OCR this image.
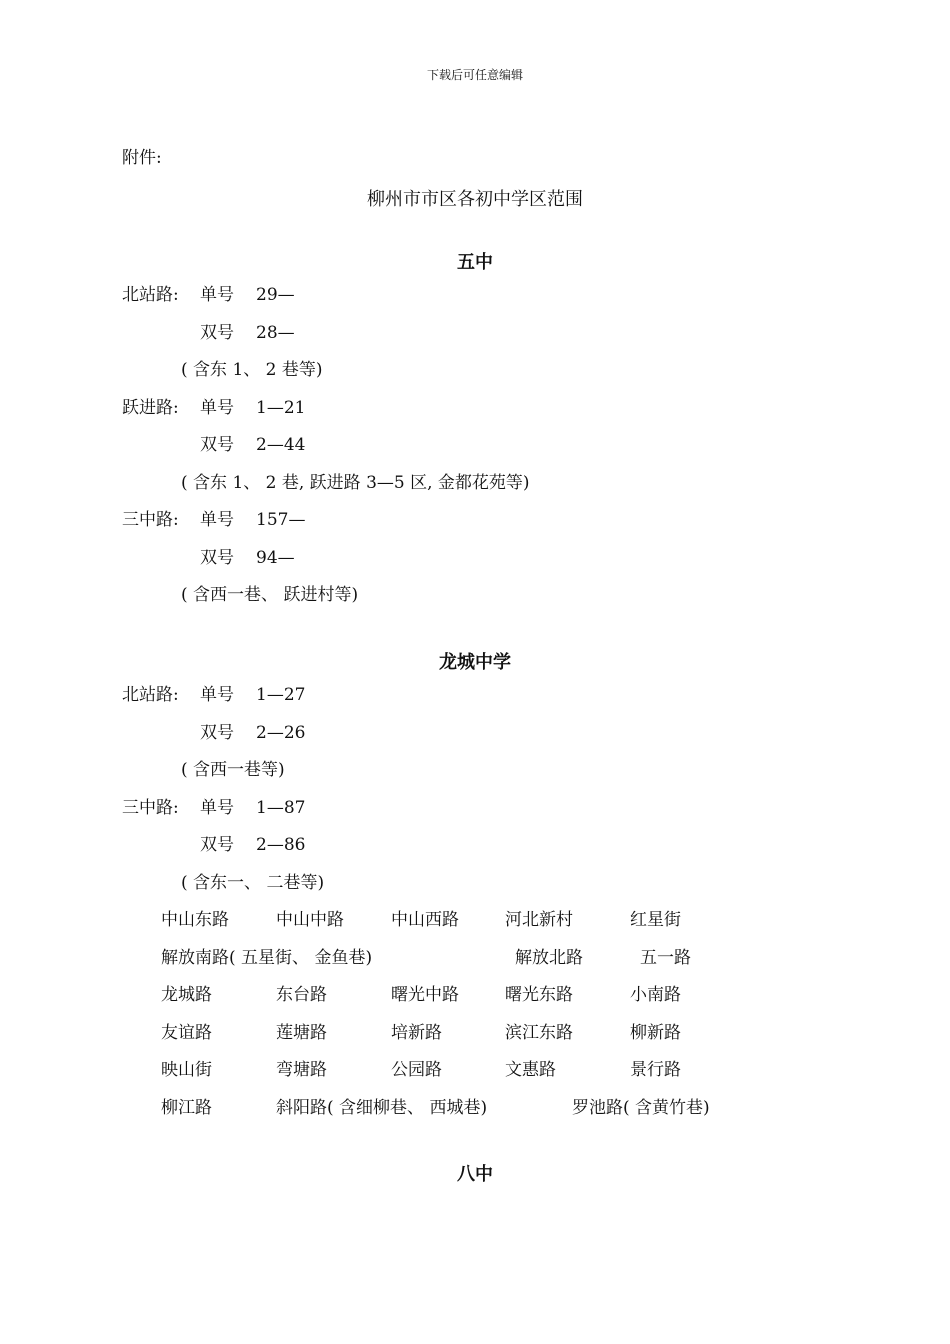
下载后可任意编辑
附件:
柳州市市区各初中学区范围
五中
北站路: 单号 29—
双号 28—
( 含东 1、 2 巷等)
跃进路: 单号 1—21
双号 2—44
( 含东 1、 2 巷, 跃进路 3—5 区, 金都花苑等)
三中路: 单号 157—
双号 94—
( 含西一巷、 跃进村等)
龙城中学
北站路: 单号 1—27
双号 2—26
( 含西一巷等)
三中路: 单号 1—87
双号 2—86
( 含东一、 二巷等)
中山东路	中山中路	中山西路	河北新村	红星街
解放南路( 五星街、 金鱼巷)	解放北路	五一路
龙城路	东台路	曙光中路	曙光东路	小南路
友谊路	莲塘路	培新路	滨江东路	柳新路
映山街	弯塘路	公园路	文惠路	景行路
柳江路	斜阳路( 含细柳巷、 西城巷)	罗池路( 含黄竹巷)
八中
